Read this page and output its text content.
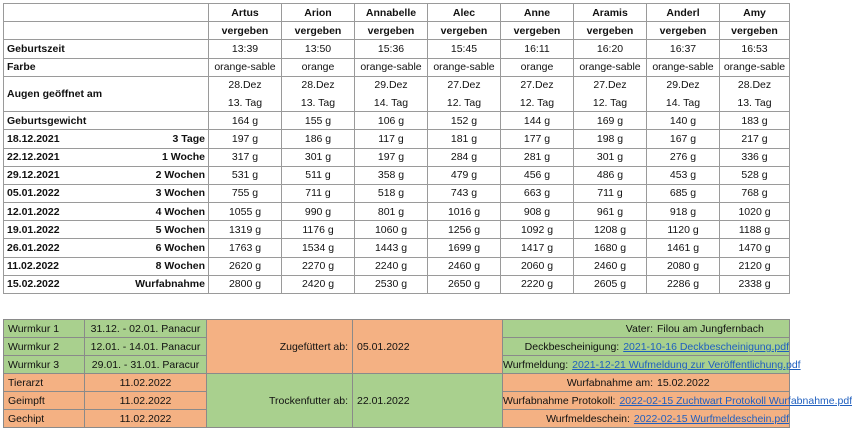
		Artus	Arion	Annabelle	Alec	Anne	Aramis	Anderl	Amy
		vergeben	vergeben	vergeben	vergeben	vergeben	vergeben	vergeben	vergeben
Geburtszeit		13:39	13:50	15:36	15:45	16:11	16:20	16:37	16:53
Farbe		orange-sable	orange	orange-sable	orange-sable	orange	orange-sable	orange-sable	orange-sable
Augen geöffnet am		28.Dez	28.Dez	29.Dez	27.Dez	27.Dez	27.Dez	29.Dez	28.Dez
		13. Tag	13. Tag	14. Tag	12. Tag	12. Tag	12. Tag	14. Tag	13. Tag
Geburtsgewicht		164 g	155 g	106 g	152 g	144 g	169 g	140 g	183 g
18.12.2021	3 Tage	197 g	186 g	117 g	181 g	177 g	198 g	167 g	217 g
22.12.2021	1 Woche	317 g	301 g	197 g	284 g	281 g	301 g	276 g	336 g
29.12.2021	2 Wochen	531 g	511 g	358 g	479 g	456 g	486 g	453 g	528 g
05.01.2022	3 Wochen	755 g	711 g	518 g	743 g	663 g	711 g	685 g	768 g
12.01.2022	4 Wochen	1055 g	990 g	801 g	1016 g	908 g	961 g	918 g	1020 g
19.01.2022	5 Wochen	1319 g	1176 g	1060 g	1256 g	1092 g	1208 g	1120 g	1188 g
26.01.2022	6 Wochen	1763 g	1534 g	1443 g	1699 g	1417 g	1680 g	1461 g	1470 g
11.02.2022	8 Wochen	2620 g	2270 g	2240 g	2460 g	2060 g	2460 g	2080 g	2120 g
15.02.2022	Wurfabnahme	2800 g	2420 g	2530 g	2650 g	2220 g	2605 g	2286 g	2338 g
Wurmkur 1	31.12. - 02.01. Panacur	Zugefüttert ab:	05.01.2022	Vater: Filou am Jungfernbach

Wurmkur 2	12.01. - 14.01. Panacur			Deckbescheinigung: 2021-10-16 Deckbescheinigung.pdf

Wurmkur 3	29.01. - 31.01. Paracur			Wurfmeldung: 2021-12-21 Wufmeldung zur Veröffentlichung.pdf

Tierarzt	11.02.2022	Trockenfutter ab:	22.01.2022	Wurfabnahme am: 15.02.2022

Geimpft	11.02.2022			Wurfabnahme Protokoll: 2022-02-15 Zuchtwart Protokoll Wurfabnahme.pdf

Gechipt	11.02.2022			Wurfmeldeschein: 2022-02-15 Wurfmeldeschein.pdf
